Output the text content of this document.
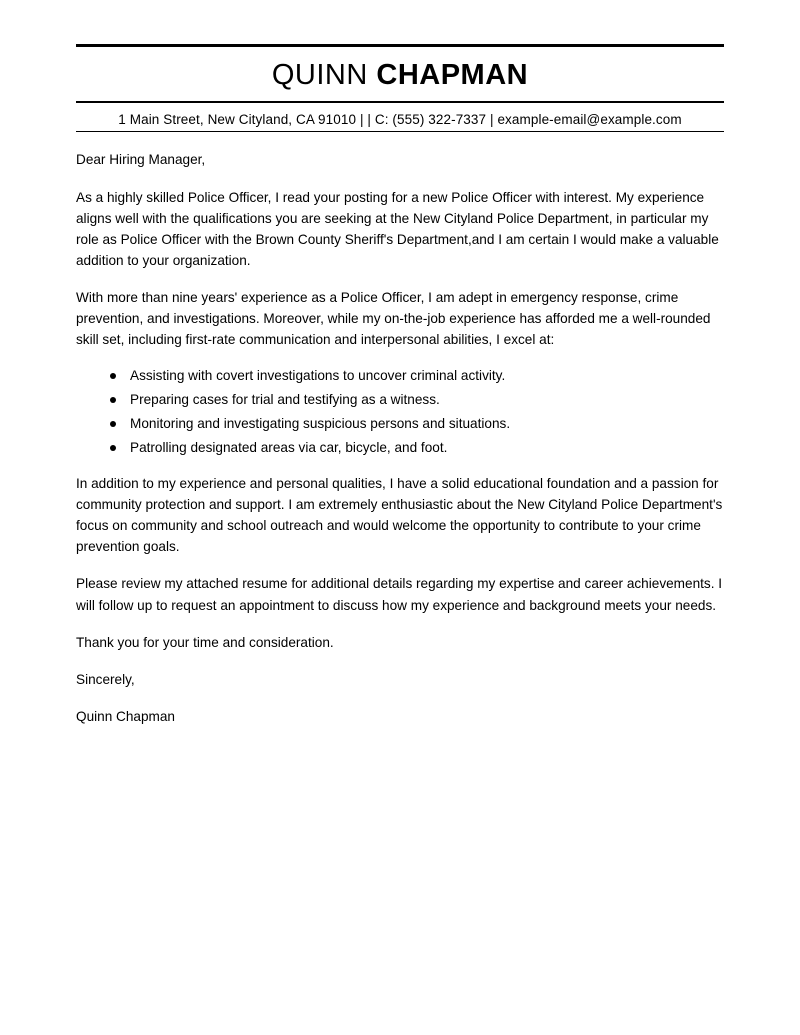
QUINN CHAPMAN
1 Main Street, New Cityland, CA 91010 | | C: (555) 322-7337 | example-email@example.com

Dear Hiring Manager,

As a highly skilled Police Officer, I read your posting for a new Police Officer with interest. My experience aligns well with the qualifications you are seeking at the New Cityland Police Department, in particular my role as Police Officer with the Brown County Sheriff's Department,and I am certain I would make a valuable addition to your organization.

With more than nine years' experience as a Police Officer, I am adept in emergency response, crime prevention, and investigations. Moreover, while my on-the-job experience has afforded me a well-rounded skill set, including first-rate communication and interpersonal abilities, I excel at:

Assisting with covert investigations to uncover criminal activity.
Preparing cases for trial and testifying as a witness.
Monitoring and investigating suspicious persons and situations.
Patrolling designated areas via car, bicycle, and foot.

In addition to my experience and personal qualities, I have a solid educational foundation and a passion for community protection and support. I am extremely enthusiastic about the New Cityland Police Department's focus on community and school outreach and would welcome the opportunity to contribute to your crime prevention goals.

Please review my attached resume for additional details regarding my expertise and career achievements. I will follow up to request an appointment to discuss how my experience and background meets your needs.

Thank you for your time and consideration.

Sincerely,

Quinn Chapman
